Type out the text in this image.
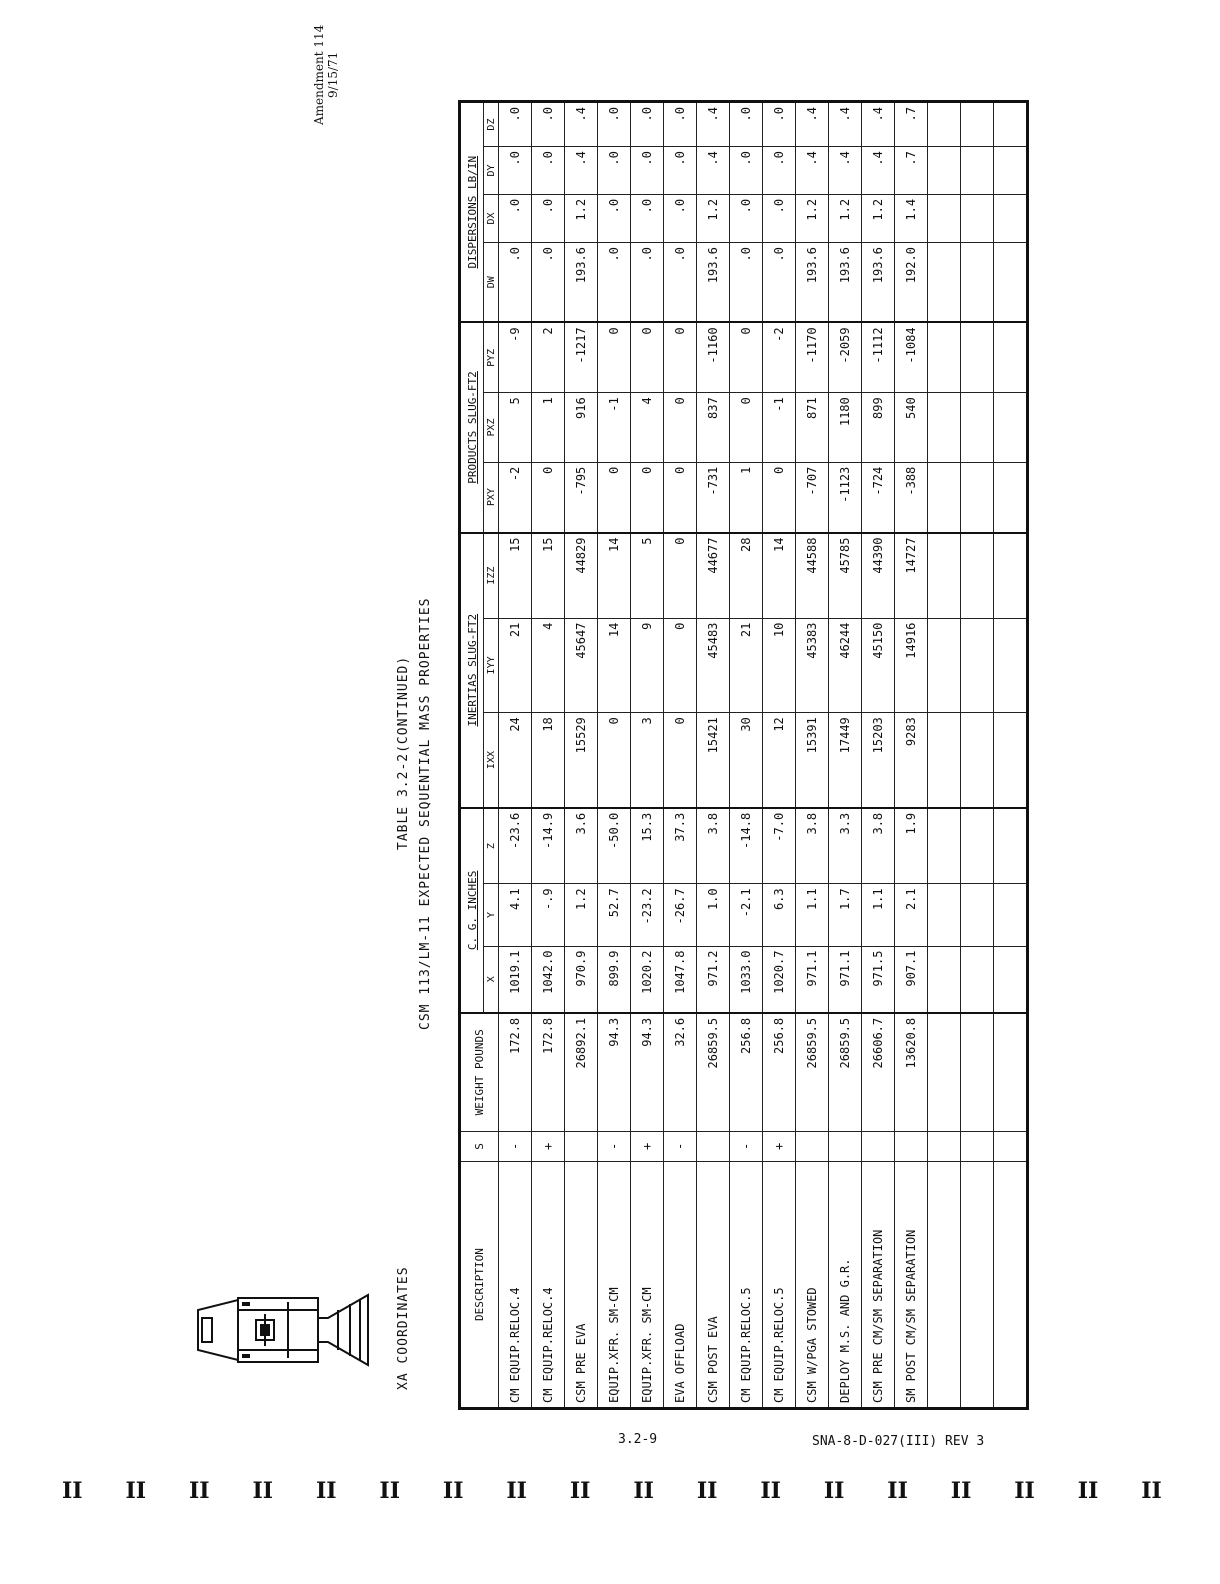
Amendment 114 9/15/71
XA COORDINATES
TABLE 3.2-2(CONTINUED) CSM 113/LM-11 EXPECTED SEQUENTIAL MASS PROPERTIES
DESCRIPTION	S	WEIGHT POUNDS	C. G. INCHES			INERTIAS SLUG-FT2			PRODUCTS SLUG-FT2			DISPERSIONS LB/IN			
			X	Y	Z	IXX	IYY	IZZ	PXY	PXZ	PYZ	DW	DX	DY	DZ
CM EQUIP.RELOC.4	-	172.8	1019.1	4.1	-23.6	24	21	15	-2	5	-9	.0	.0	.0	.0
CM EQUIP.RELOC.4	+	172.8	1042.0	-.9	-14.9	18	4	15	0	1	2	.0	.0	.0	.0
CSM PRE EVA		26892.1	970.9	1.2	3.6	15529	45647	44829	-795	916	-1217	193.6	1.2	.4	.4
EQUIP.XFR. SM-CM	-	94.3	899.9	52.7	-50.0	0	14	14	0	-1	0	.0	.0	.0	.0
EQUIP.XFR. SM-CM	+	94.3	1020.2	-23.2	15.3	3	9	5	0	4	0	.0	.0	.0	.0
EVA OFFLOAD	-	32.6	1047.8	-26.7	37.3	0	0	0	0	0	0	.0	.0	.0	.0
CSM POST EVA		26859.5	971.2	1.0	3.8	15421	45483	44677	-731	837	-1160	193.6	1.2	.4	.4
CM EQUIP.RELOC.5	-	256.8	1033.0	-2.1	-14.8	30	21	28	1	0	0	.0	.0	.0	.0
CM EQUIP.RELOC.5	+	256.8	1020.7	6.3	-7.0	12	10	14	0	-1	-2	.0	.0	.0	.0
CSM W/PGA STOWED		26859.5	971.1	1.1	3.8	15391	45383	44588	-707	871	-1170	193.6	1.2	.4	.4
DEPLOY M.S. AND G.R.		26859.5	971.1	1.7	3.3	17449	46244	45785	-1123	1180	-2059	193.6	1.2	.4	.4
CSM PRE CM/SM SEPARATION		26606.7	971.5	1.1	3.8	15203	45150	44390	-724	899	-1112	193.6	1.2	.4	.4
SM POST CM/SM SEPARATION		13620.8	907.1	2.1	1.9	9283	14916	14727	-388	540	-1084	192.0	1.4	.7	.7

3.2-9	SNA-8-D-027(III) REV 3
II II II II II II II II II II II II II II II II II II
